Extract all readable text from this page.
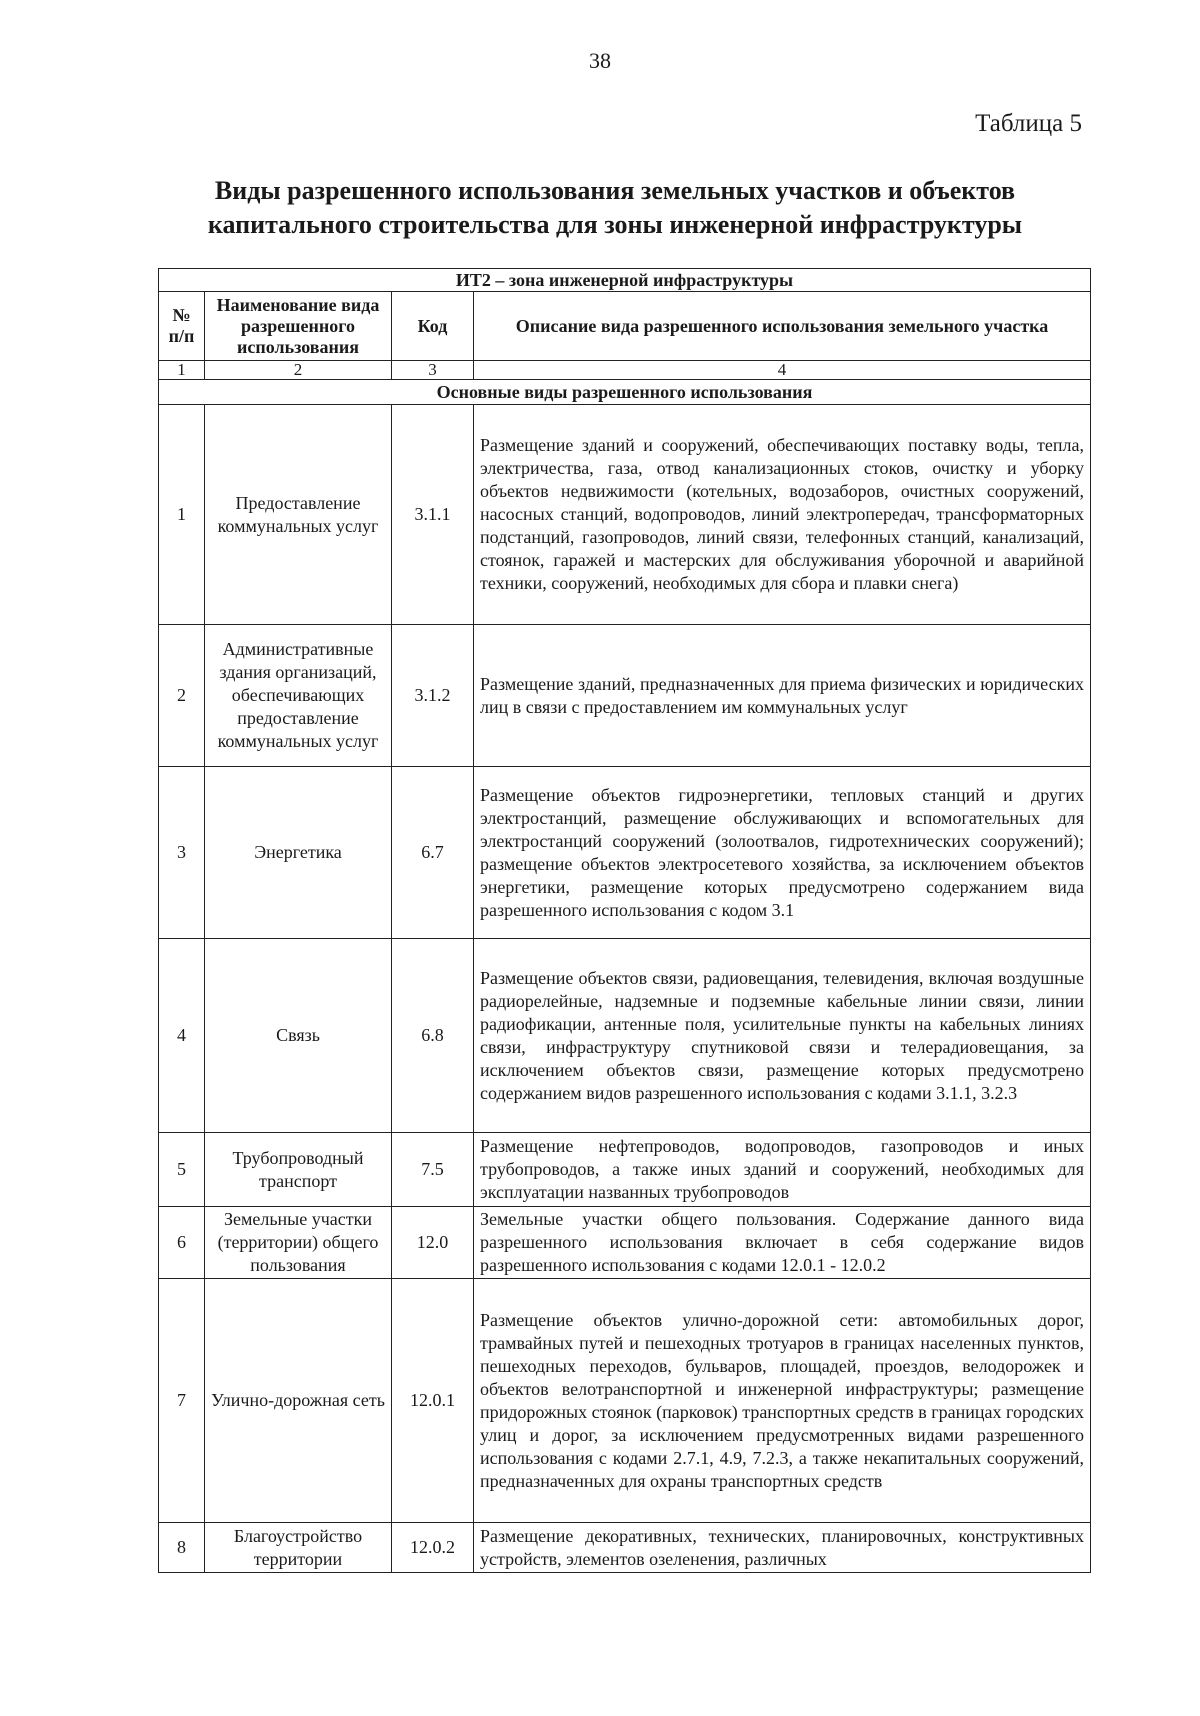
38
Таблица 5
Виды разрешенного использования земельных участков и объектов капитального строительства для зоны инженерной инфраструктуры
ИТ2 – зона инженерной инфраструктуры			
№ п/п	Наименование вида разрешенного использования	Код	Описание вида разрешенного использования земельного участка
1	2	3	4
Основные виды разрешенного использования			
1	Предоставление коммунальных услуг	3.1.1	Размещение зданий и сооружений, обеспечивающих поставку воды, тепла, электричества, газа, отвод канализационных стоков, очистку и уборку объектов недвижимости (котельных, водозаборов, очистных сооружений, насосных станций, водопроводов, линий электропередач, трансформаторных подстанций, газопроводов, линий связи, телефонных станций, канализаций, стоянок, гаражей и мастерских для обслуживания уборочной и аварийной техники, сооружений, необходимых для сбора и плавки снега)
2	Административные здания организаций, обеспечивающих предоставление коммунальных услуг	3.1.2	Размещение зданий, предназначенных для приема физических и юридических лиц в связи с предоставлением им коммунальных услуг
3	Энергетика	6.7	Размещение объектов гидроэнергетики, тепловых станций и других электростанций, размещение обслуживающих и вспомогательных для электростанций сооружений (золоотвалов, гидротехнических сооружений); размещение объектов электросетевого хозяйства, за исключением объектов энергетики, размещение которых предусмотрено содержанием вида разрешенного использования с кодом 3.1
4	Связь	6.8	Размещение объектов связи, радиовещания, телевидения, включая воздушные радиорелейные, надземные и подземные кабельные линии связи, линии радиофикации, антенные поля, усилительные пункты на кабельных линиях связи, инфраструктуру спутниковой связи и телерадиовещания, за исключением объектов связи, размещение которых предусмотрено содержанием видов разрешенного использования с кодами 3.1.1, 3.2.3
5	Трубопроводный транспорт	7.5	Размещение нефтепроводов, водопроводов, газопроводов и иных трубопроводов, а также иных зданий и сооружений, необходимых для эксплуатации названных трубопроводов
6	Земельные участки (территории) общего пользования	12.0	Земельные участки общего пользования. Содержание данного вида разрешенного использования включает в себя содержание видов разрешенного использования с кодами 12.0.1 - 12.0.2
7	Улично-дорожная сеть	12.0.1	Размещение объектов улично-дорожной сети: автомобильных дорог, трамвайных путей и пешеходных тротуаров в границах населенных пунктов, пешеходных переходов, бульваров, площадей, проездов, велодорожек и объектов велотранспортной и инженерной инфраструктуры; размещение придорожных стоянок (парковок) транспортных средств в границах городских улиц и дорог, за исключением предусмотренных видами разрешенного использования с кодами 2.7.1, 4.9, 7.2.3, а также некапитальных сооружений, предназначенных для охраны транспортных средств
8	Благоустройство территории	12.0.2	Размещение декоративных, технических, планировочных, конструктивных устройств, элементов озеленения, различных
